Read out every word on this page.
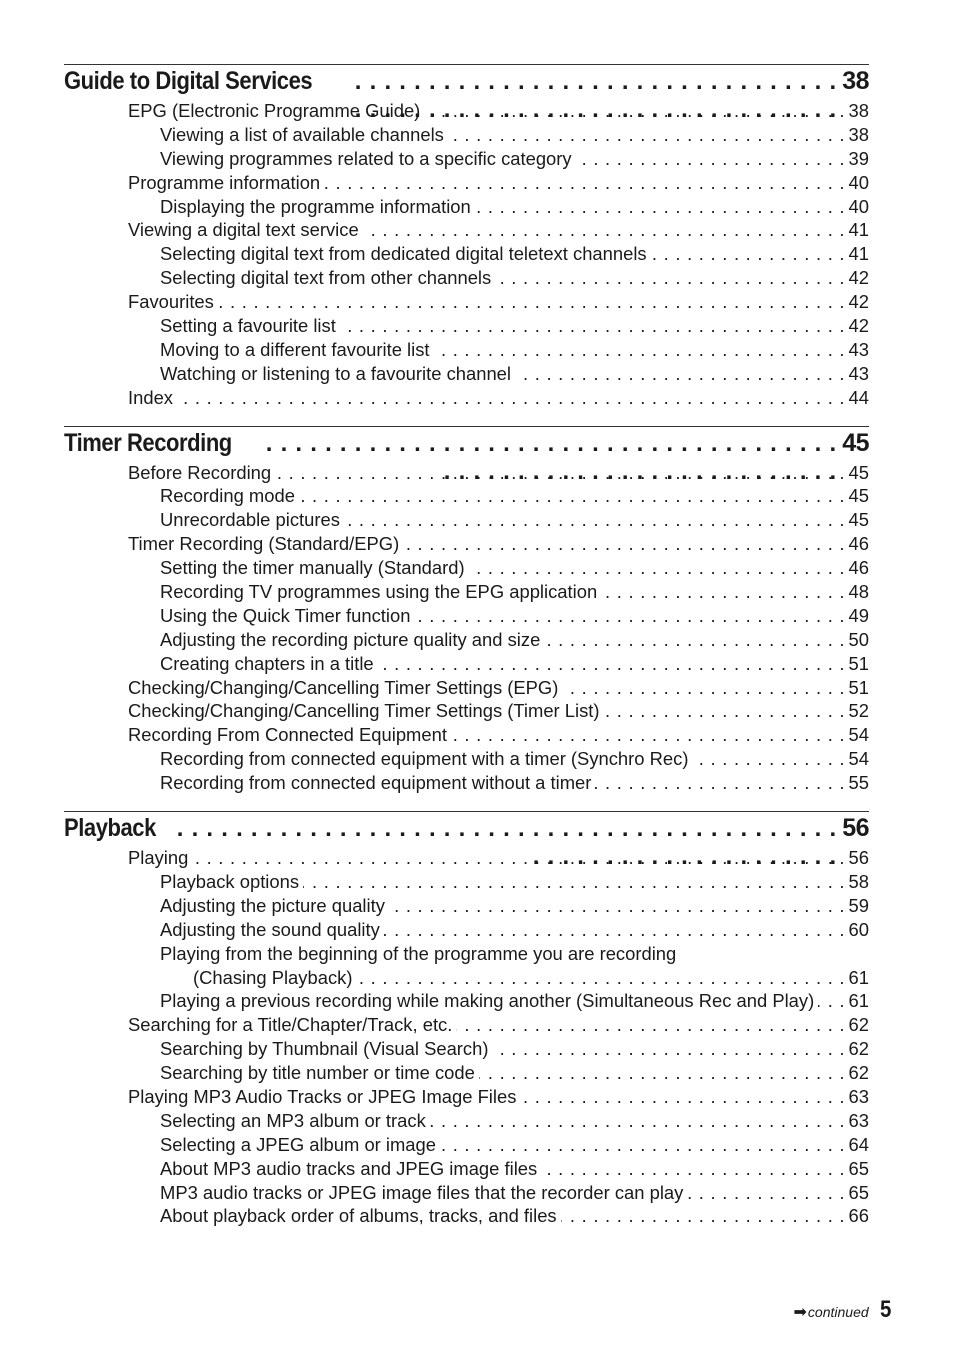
Guide to Digital Services . . .	38
EPG (Electronic Programme Guide) . . .	38
Viewing a list of available channels . . .	38
Viewing programmes related to a specific category . . .	39
Programme information . . .	40
Displaying the programme information . . .	40
Viewing a digital text service . . .	41
Selecting digital text from dedicated digital teletext channels . . .	41
Selecting digital text from other channels . . .	42
Favourites . . .	42
Setting a favourite list . . .	42
Moving to a different favourite list . . .	43
Watching or listening to a favourite channel . . .	43
Index . . .	44
Timer Recording . . .	45
Before Recording . . .	45
Recording mode . . .	45
Unrecordable pictures . . .	45
Timer Recording (Standard/EPG) . . .	46
Setting the timer manually (Standard) . . .	46
Recording TV programmes using the EPG application . . .	48
Using the Quick Timer function . . .	49
Adjusting the recording picture quality and size . . .	50
Creating chapters in a title . . .	51
Checking/Changing/Cancelling Timer Settings (EPG) . . .	51
Checking/Changing/Cancelling Timer Settings (Timer List) . . .	52
Recording From Connected Equipment . . .	54
Recording from connected equipment with a timer (Synchro Rec) . . .	54
Recording from connected equipment without a timer . . .	55
Playback . . .	56
Playing . . .	56
Playback options . . .	58
Adjusting the picture quality . . .	59
Adjusting the sound quality . . .	60
Playing from the beginning of the programme you are recording
(Chasing Playback) . . .	61
Playing a previous recording while making another (Simultaneous Rec and Play) . . . 61
Searching for a Title/Chapter/Track, etc. . . .	62
Searching by Thumbnail (Visual Search) . . .	62
Searching by title number or time code . . .	62
Playing MP3 Audio Tracks or JPEG Image Files . . .	63
Selecting an MP3 album or track . . .	63
Selecting a JPEG album or image . . .	64
About MP3 audio tracks and JPEG image files . . .	65
MP3 audio tracks or JPEG image files that the recorder can play . . .	65
About playback order of albums, tracks, and files . . .	66
➡ continued 5
